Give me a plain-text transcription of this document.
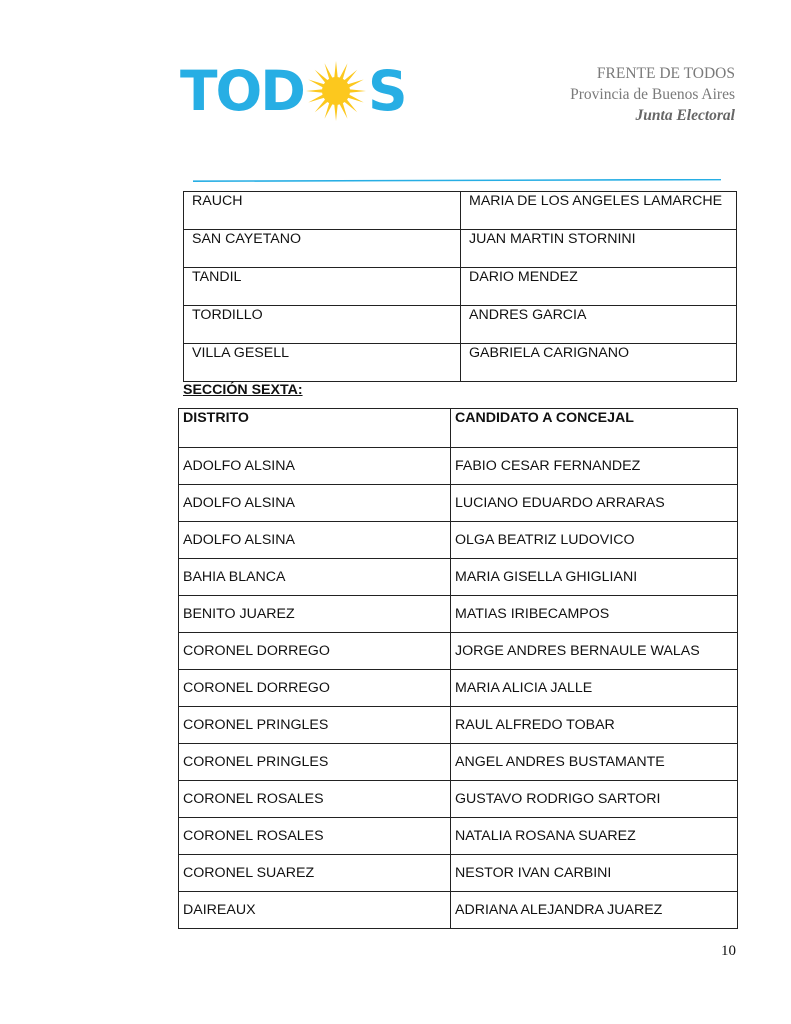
TOD S	FRENTE DE TODOS
Provincia de Buenos Aires
Junta Electoral
RAUCH	MARIA DE LOS ANGELES LAMARCHE
SAN CAYETANO	JUAN MARTIN STORNINI
TANDIL	DARIO MENDEZ
TORDILLO	ANDRES GARCIA
VILLA GESELL	GABRIELA CARIGNANO
SECCIÓN SEXTA:
DISTRITO	CANDIDATO A CONCEJAL
ADOLFO ALSINA	FABIO CESAR FERNANDEZ
ADOLFO ALSINA	LUCIANO EDUARDO ARRARAS
ADOLFO ALSINA	OLGA BEATRIZ LUDOVICO
BAHIA BLANCA	MARIA GISELLA GHIGLIANI
BENITO JUAREZ	MATIAS IRIBECAMPOS
CORONEL DORREGO	JORGE ANDRES BERNAULE WALAS
CORONEL DORREGO	MARIA ALICIA JALLE
CORONEL PRINGLES	RAUL ALFREDO TOBAR
CORONEL PRINGLES	ANGEL ANDRES BUSTAMANTE
CORONEL ROSALES	GUSTAVO RODRIGO SARTORI
CORONEL ROSALES	NATALIA ROSANA SUAREZ
CORONEL SUAREZ	NESTOR IVAN CARBINI
DAIREAUX	ADRIANA ALEJANDRA JUAREZ
10
